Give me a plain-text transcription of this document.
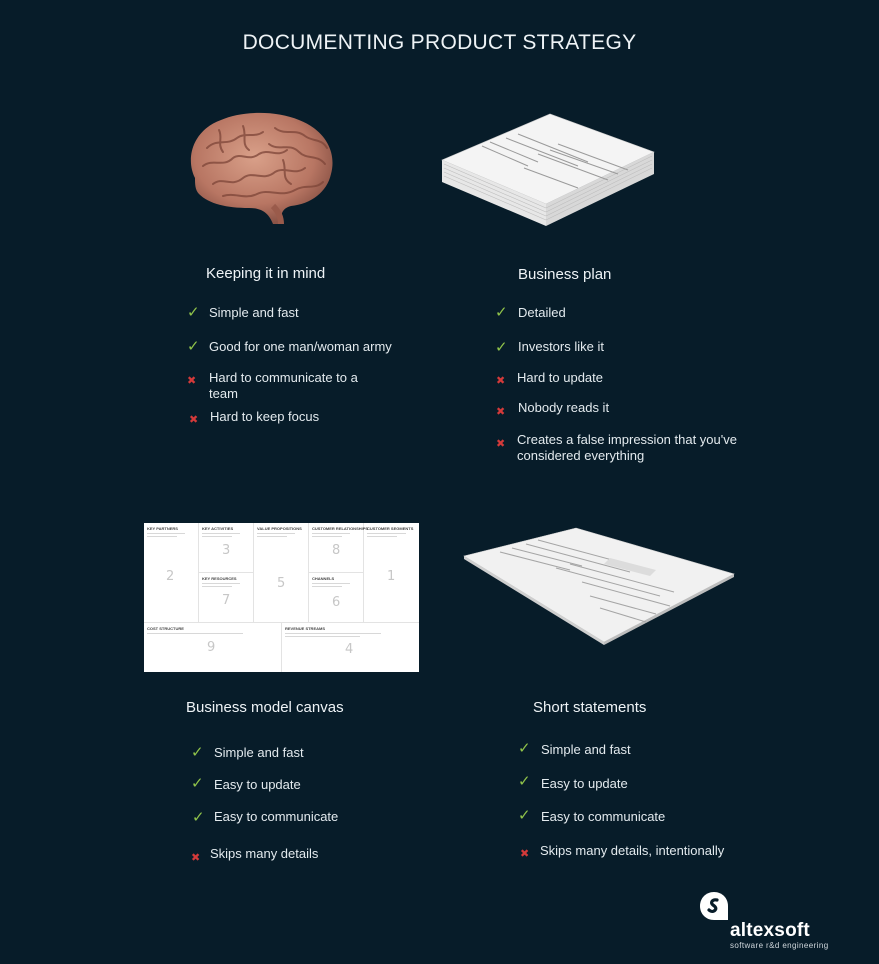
DOCUMENTING PRODUCT STRATEGY
Keeping it in mind
✓ Simple and fast
✓ Good for one man/woman army
✖ Hard to communicate to a team
✖ Hard to keep focus
Business plan
✓ Detailed
✓ Investors like it
✖ Hard to update
✖ Nobody reads it
✖ Creates a false impression that you've considered everything
KEY PARTNERS
2
KEY ACTIVITIES
3
KEY RESOURCES
7
VALUE PROPOSITIONS
5
CUSTOMER RELATIONSHIPS
8
CHANNELS
6
CUSTOMER SEGMENTS
1
COST STRUCTURE
9
REVENUE STREAMS
4
Business model canvas
✓ Simple and fast
✓ Easy to update
✓ Easy to communicate
✖ Skips many details
Short statements
✓ Simple and fast
✓ Easy to update
✓ Easy to communicate
✖ Skips many details, intentionally
altexsoft
software r&d engineering
